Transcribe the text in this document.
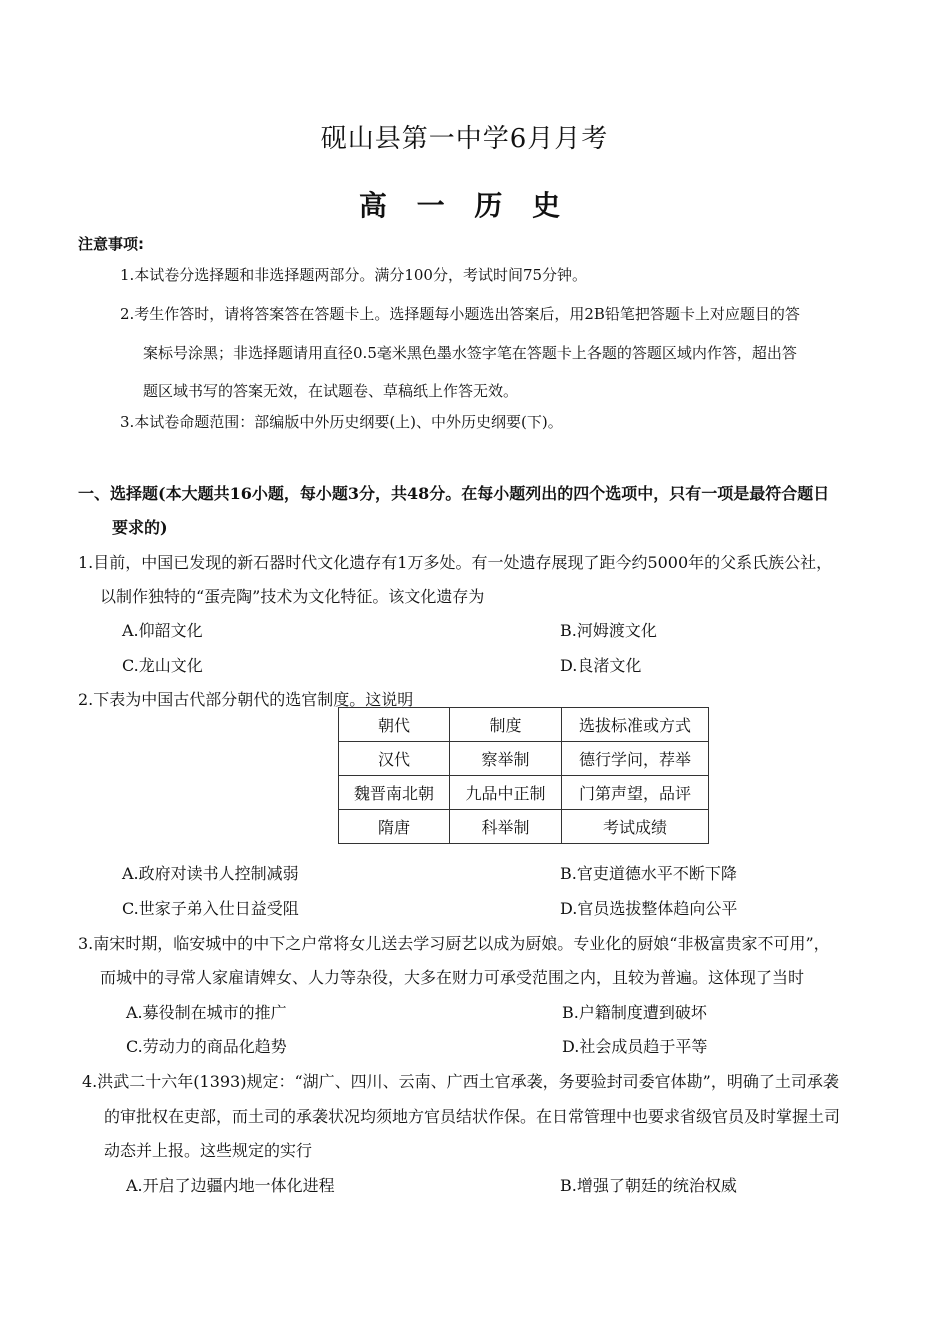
砚山县第一中学6月月考
高 一 历 史
注意事项:
1.本试卷分选择题和非选择题两部分。满分100分，考试时间75分钟。
2.考生作答时，请将答案答在答题卡上。选择题每小题选出答案后，用2B铅笔把答题卡上对应题目的答
案标号涂黑；非选择题请用直径0.5毫米黑色墨水签字笔在答题卡上各题的答题区域内作答，超出答
题区域书写的答案无效，在试题卷、草稿纸上作答无效。
3.本试卷命题范围：部编版中外历史纲要(上)、中外历史纲要(下)。
一、选择题(本大题共16小题，每小题3分，共48分。在每小题列出的四个选项中，只有一项是最符合题日
要求的)
1.目前，中国已发现的新石器时代文化遗存有1万多处。有一处遗存展现了距今约5000年的父系氏族公社，
以制作独特的“蛋壳陶”技术为文化特征。该文化遗存为
A.仰韶文化	B.河姆渡文化
C.龙山文化	D.良渚文化
2.下表为中国古代部分朝代的选官制度。这说明
朝代	制度	选拔标准或方式
汉代	察举制	德行学问，荐举
魏晋南北朝	九品中正制	门第声望，品评
隋唐	科举制	考试成绩
A.政府对读书人控制减弱	B.官吏道德水平不断下降
C.世家子弟入仕日益受阻	D.官员选拔整体趋向公平
3.南宋时期，临安城中的中下之户常将女儿送去学习厨艺以成为厨娘。专业化的厨娘“非极富贵家不可用”，
而城中的寻常人家雇请婢女、人力等杂役，大多在财力可承受范围之内，且较为普遍。这体现了当时
A.募役制在城市的推广	B.户籍制度遭到破坏
C.劳动力的商品化趋势	D.社会成员趋于平等
4.洪武二十六年(1393)规定：“湖广、四川、云南、广西土官承袭，务要验封司委官体勘”，明确了土司承袭
的审批权在吏部，而土司的承袭状况均须地方官员结状作保。在日常管理中也要求省级官员及时掌握土司
动态并上报。这些规定的实行
A.开启了边疆内地一体化进程	B.增强了朝廷的统治权威
